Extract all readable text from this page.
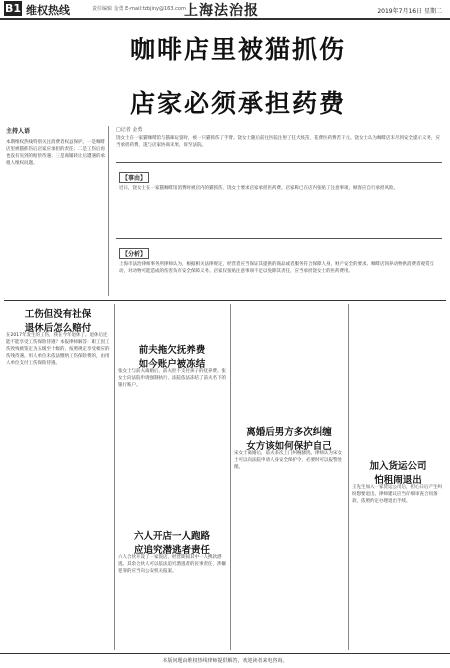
B1 维权热线	责任编辑 金勇 E-mail:fzbjiny@163.com
上海法治报	2019年7月16日 星期二
咖啡店里被猫抓伤
店家必须承担药费
主持人语
本期维权热线特别关注消费者权益保护。一是咖啡店里被猫抓伤后店家应承担的责任；二是工伤后再也没有见到的赔偿待遇；三是商铺转让后遭遇的承租人维权问题。
□记者 金勇
饶女士在一家猫咖啡馆与猫咪玩耍时，被一只猫抓伤了手臂。饶女士随后前往医院注射了狂犬疫苗，花费医药费若干元。饶女士认为咖啡店未尽到安全提示义务，应当承担药费，遂与店家协商未果，诉至法院。
【事由】
近日，饶女士在一家猫咖啡馆消费时被店内的猫抓伤，饶女士要求店家承担医药费。店家称已在店内张贴了注意事项，顾客应自行承担风险。
【分析】
上海市法治律师事务所律师认为，根据相关法律规定，经营者应当保证其提供的商品或者服务符合保障人身、财产安全的要求。咖啡店饲养动物供消费者观赏互动，对动物可能造成的伤害负有安全保障义务。店家仅张贴注意事项不足以免除其责任，应当承担饶女士的医药费用。
工伤但没有社保
退休后怎么赔付
在2017年发生的工伤，我在今年退休了。退休后还能不能享受工伤保险待遇？本报律师解答：职工因工伤致残被鉴定为五级至十级的，按照规定享受相应的伤残待遇。用人单位未依法缴纳工伤保险费的，由用人单位支付工伤保险待遇。
前夫拖欠抚养费
如今账户被冻结
张女士与前夫离婚后，前夫拒不支付孩子的抚养费。张女士向法院申请强制执行，法院依法冻结了前夫名下的银行账户。
六人开店一人跑路
应追究潜逃者责任
六人合伙开设了一家饭店，经营期间其中一人携款潜逃。其余合伙人可以依法追究潜逃者的民事责任，涉嫌犯罪的应当向公安机关报案。
离婚后男方多次纠缠
女方该如何保护自己
宋女士离婚后，前夫多次上门纠缠骚扰。律师认为宋女士可以向法院申请人身安全保护令，必要时可以报警处理。	加入货运公司
怕租闹退出
王先生加入一家货运公司后，担心日后产生纠纷想要退出。律师建议应当仔细审查合同条款，依照约定办理退出手续。
本版问题由维权热线律师提供解答，欢迎读者来电咨询。
